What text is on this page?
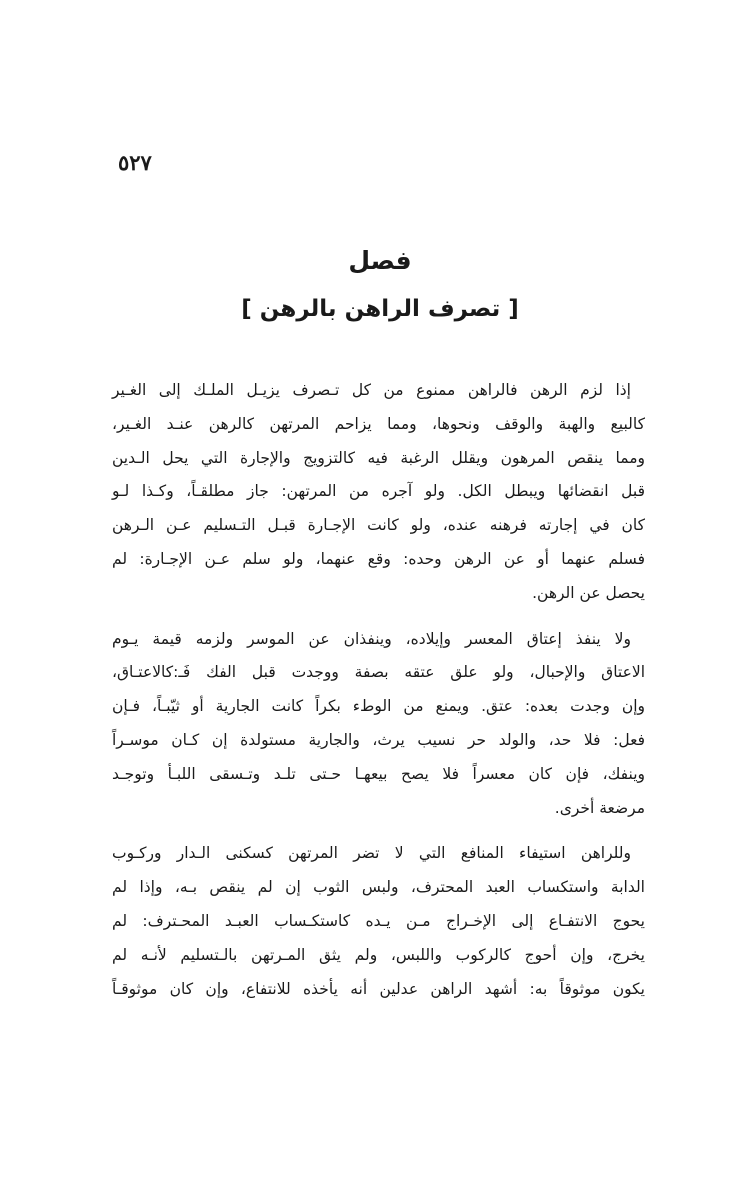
٥٢٧
فصل
[ تصرف الراهن بالرهن ]
إذا لزم الرهن فالراهن ممنوع من كل تـصرف يزيـل الملـك إلى الغـير
كالبيع والهبة والوقف ونحوها، ومما يزاحم المرتهن كالرهن عنـد الغـير،
ومما ينقص المرهون ويقلل الرغبة فيه كالتزويج والإجارة التي يحل الـدين
قبل انقضائها ويبطل الكل. ولو آجره من المرتهن: جاز مطلقـاً، وكـذا لـو
كان في إجارته فرهنه عنده، ولو كانت الإجـارة قبـل التـسليم عـن الـرهن
فسلم عنهما أو عن الرهن وحده: وقع عنهما، ولو سلم عـن الإجـارة: لم
يحصل عن الرهن.
ولا ينفذ إعتاق المعسر وإيلاده، وينفذان عن الموسر ولزمه قيمة يـوم
الاعتاق والإحبال، ولو علق عتقه بصفة ووجدت قبل الفك فَـ:كالاعتـاق،
وإن وجدت بعده: عتق. ويمنع من الوطء بكراً كانت الجارية أو ثيّبـاً، فـإن
فعل: فلا حد، والولد حر نسيب يرث، والجارية مستولدة إن كـان موسـراً
وينفك، فإن كان معسراً فلا يصح بيعهـا حـتى تلـد وتـسقى اللبـأ وتوجـد
مرضعة أخرى.
وللراهن استيفاء المنافع التي لا تضر المرتهن كسكنى الـدار وركـوب
الدابة واستكساب العبد المحترف، ولبس الثوب إن لم ينقص بـه، وإذا لم
يحوج الانتفـاع إلى الإخـراج مـن يـده كاستكـساب العبـد المحـترف: لم
يخرج، وإن أحوج كالركوب واللبس، ولم يثق المـرتهن بالـتسليم لأنـه لم
يكون موثوقاً به: أشهد الراهن عدلين أنه يأخذه للانتفاع، وإن كان موثوقـاً
